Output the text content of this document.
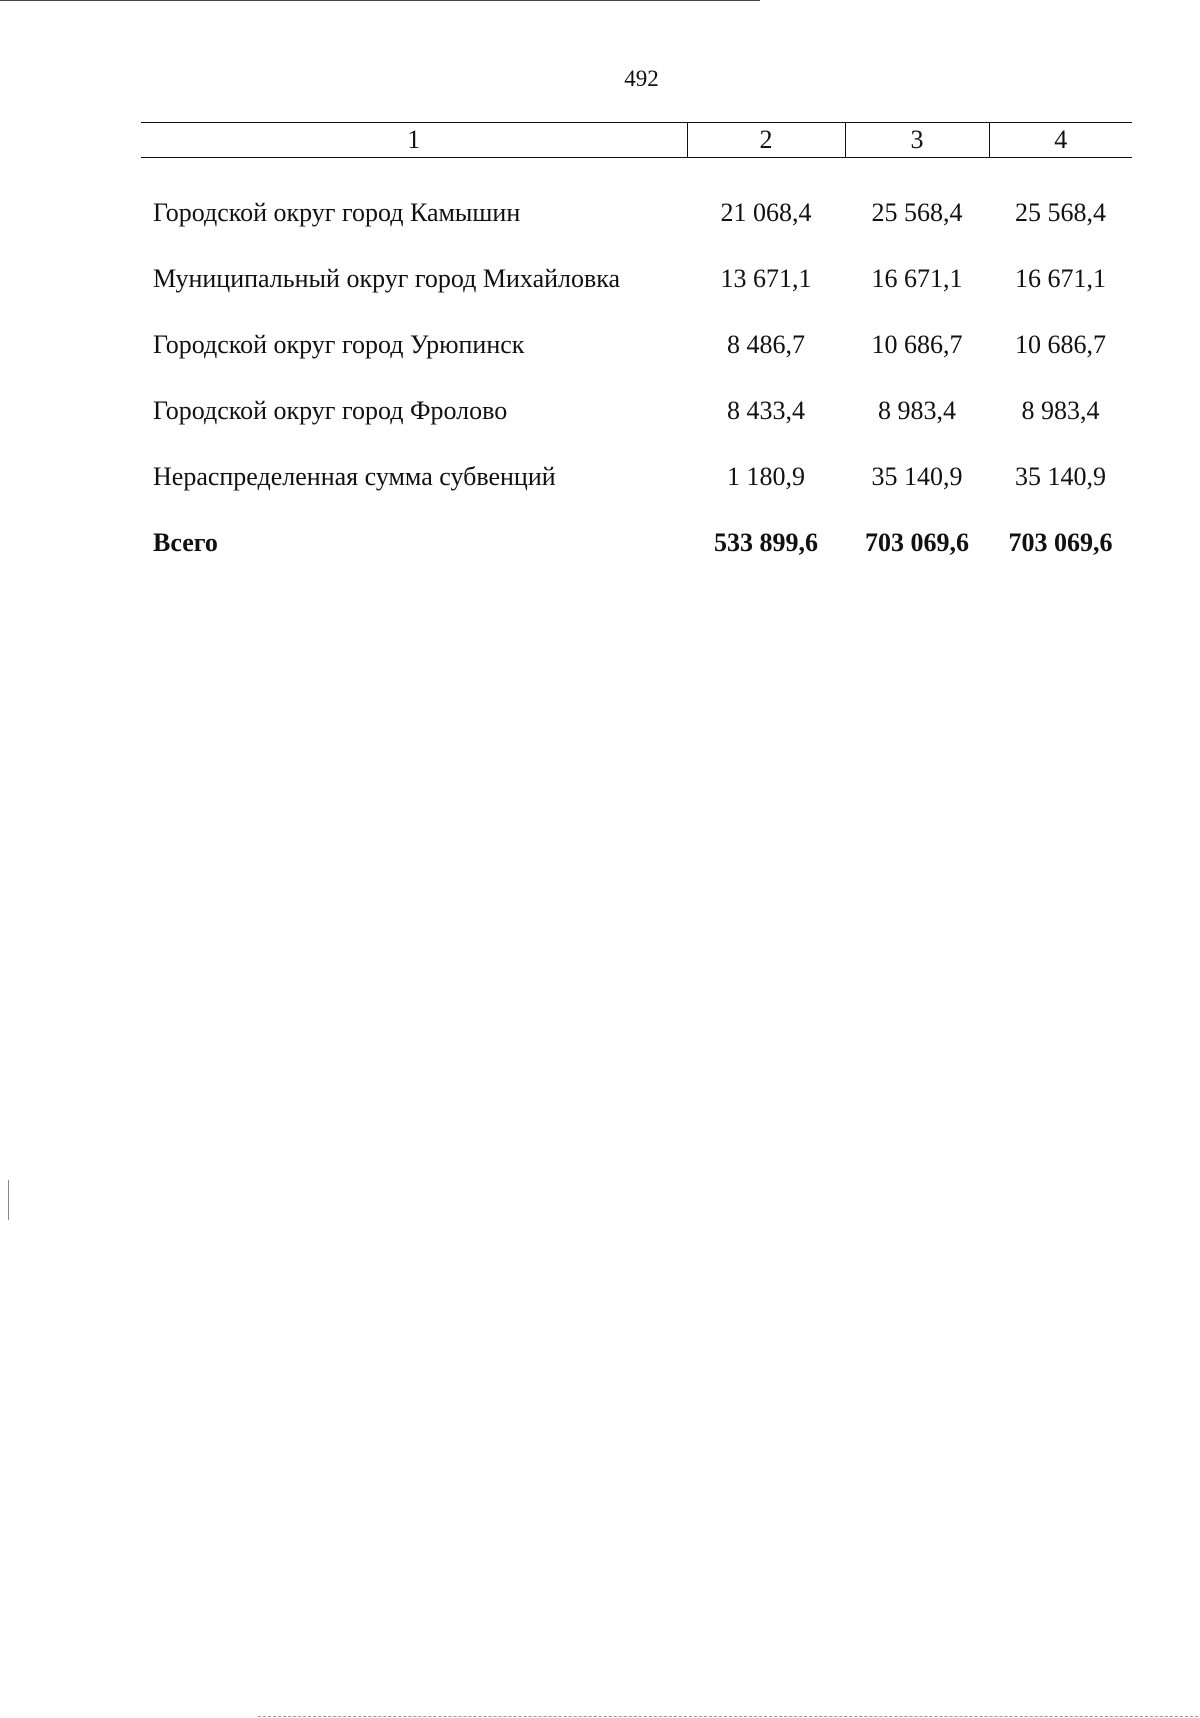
492
1	2	3	4
Городской округ город Камышин	21 068,4	25 568,4	25 568,4
Муниципальный округ город Михайловка	13 671,1	16 671,1	16 671,1
Городской округ город Урюпинск	8 486,7	10 686,7	10 686,7
Городской округ город Фролово	8 433,4	8 983,4	8 983,4
Нераспределенная сумма субвенций	1 180,9	35 140,9	35 140,9
Всего	533 899,6	703 069,6	703 069,6
